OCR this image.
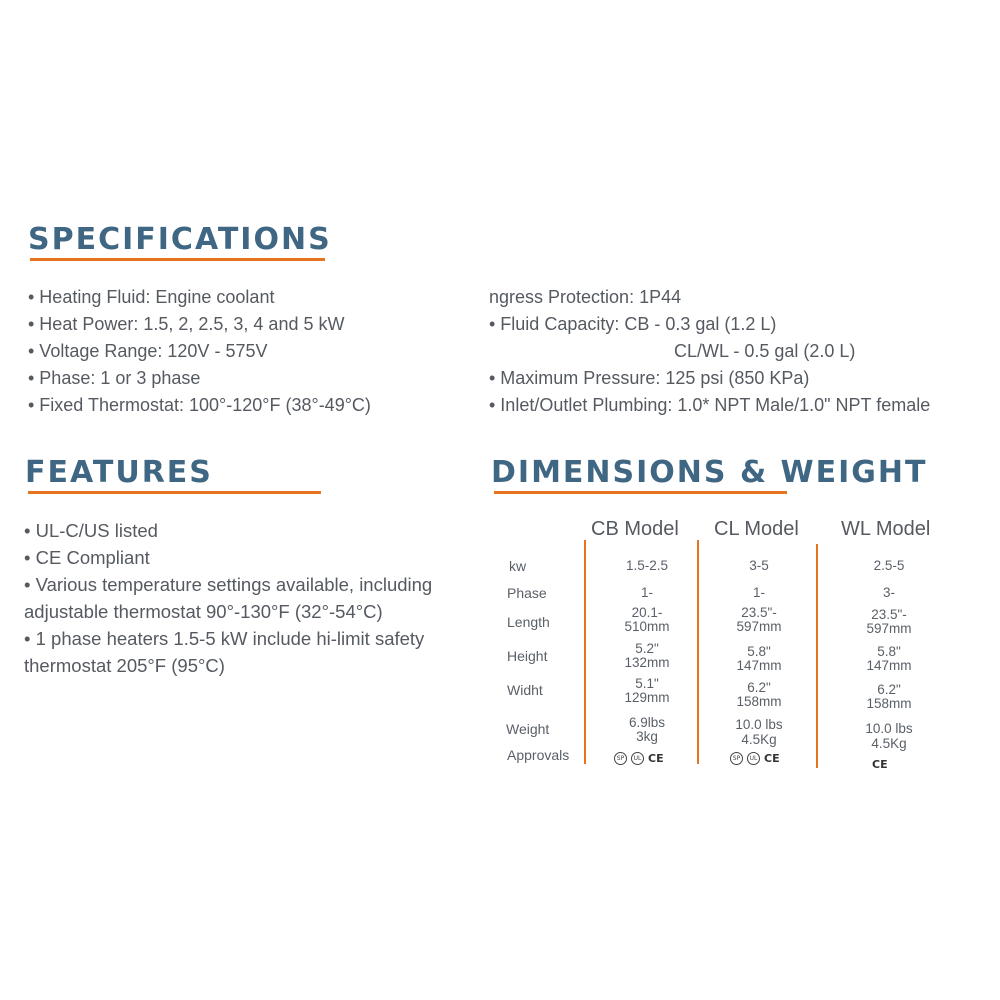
SPECIFICATIONS
• Heating Fluid: Engine coolant
• Heat Power: 1.5, 2, 2.5, 3, 4 and 5 kW
• Voltage Range: 120V - 575V
• Phase: 1 or 3 phase
• Fixed Thermostat: 100°-120°F (38°-49°C)
ngress Protection: 1P44
• Fluid Capacity: CB - 0.3 gal (1.2 L)
CL/WL - 0.5 gal (2.0 L)
• Maximum Pressure: 125 psi (850 KPa)
• Inlet/Outlet Plumbing: 1.0* NPT Male/1.0" NPT female
FEATURES
• UL-C/US listed
• CE Compliant
• Various temperature settings available, including
adjustable thermostat 90°-130°F (32°-54°C)
• 1 phase heaters 1.5-5 kW include hi-limit safety
thermostat 205°F (95°C)
DIMENSIONS & WEIGHT
CB Model CL Model WL Model
kw
Phase
Length
Height
Widht
Weight
Approvals
1.5-2.5
1-
20.1-
510mm
5.2"
132mm
5.1"
129mm
6.9lbs
3kg
SP	UL CE
3-5
1-
23.5"-
597mm
5.8"
147mm
6.2"
158mm
10.0 lbs
4.5Kg
SP	UL CE
2.5-5
3-
23.5"-
597mm
5.8"
147mm
6.2"
158mm
10.0 lbs
4.5Kg
CE
